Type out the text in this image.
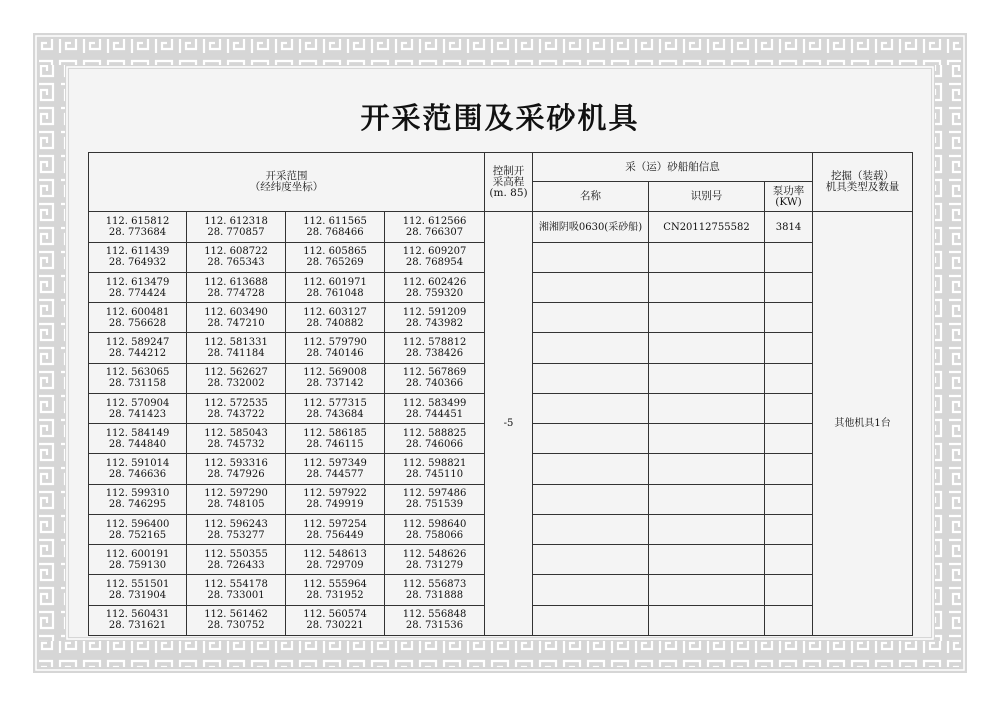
开采范围及采砂机具
开采范围
（经纬度坐标）				控制开
采高程
(m. 85)	采（运）砂船舶信息			挖掘（装载）
机具类型及数量
					名称	识别号	泵功率
(KW)	
112. 615812
28. 773684	112. 612318
28. 770857	112. 611565
28. 768466	112. 612566
28. 766307	-5	湘湘阴吸0630(采砂船)	CN20112755582	3814	其他机具1台
112. 611439
28. 764932	112. 608722
28. 765343	112. 605865
28. 765269	112. 609207
28. 768954					
112. 613479
28. 774424	112. 613688
28. 774728	112. 601971
28. 761048	112. 602426
28. 759320					
112. 600481
28. 756628	112. 603490
28. 747210	112. 603127
28. 740882	112. 591209
28. 743982					
112. 589247
28. 744212	112. 581331
28. 741184	112. 579790
28. 740146	112. 578812
28. 738426					
112. 563065
28. 731158	112. 562627
28. 732002	112. 569008
28. 737142	112. 567869
28. 740366					
112. 570904
28. 741423	112. 572535
28. 743722	112. 577315
28. 743684	112. 583499
28. 744451					
112. 584149
28. 744840	112. 585043
28. 745732	112. 586185
28. 746115	112. 588825
28. 746066					
112. 591014
28. 746636	112. 593316
28. 747926	112. 597349
28. 744577	112. 598821
28. 745110					
112. 599310
28. 746295	112. 597290
28. 748105	112. 597922
28. 749919	112. 597486
28. 751539					
112. 596400
28. 752165	112. 596243
28. 753277	112. 597254
28. 756449	112. 598640
28. 758066					
112. 600191
28. 759130	112. 550355
28. 726433	112. 548613
28. 729709	112. 548626
28. 731279					
112. 551501
28. 731904	112. 554178
28. 733001	112. 555964
28. 731952	112. 556873
28. 731888					
112. 560431
28. 731621	112. 561462
28. 730752	112. 560574
28. 730221	112. 556848
28. 731536					
